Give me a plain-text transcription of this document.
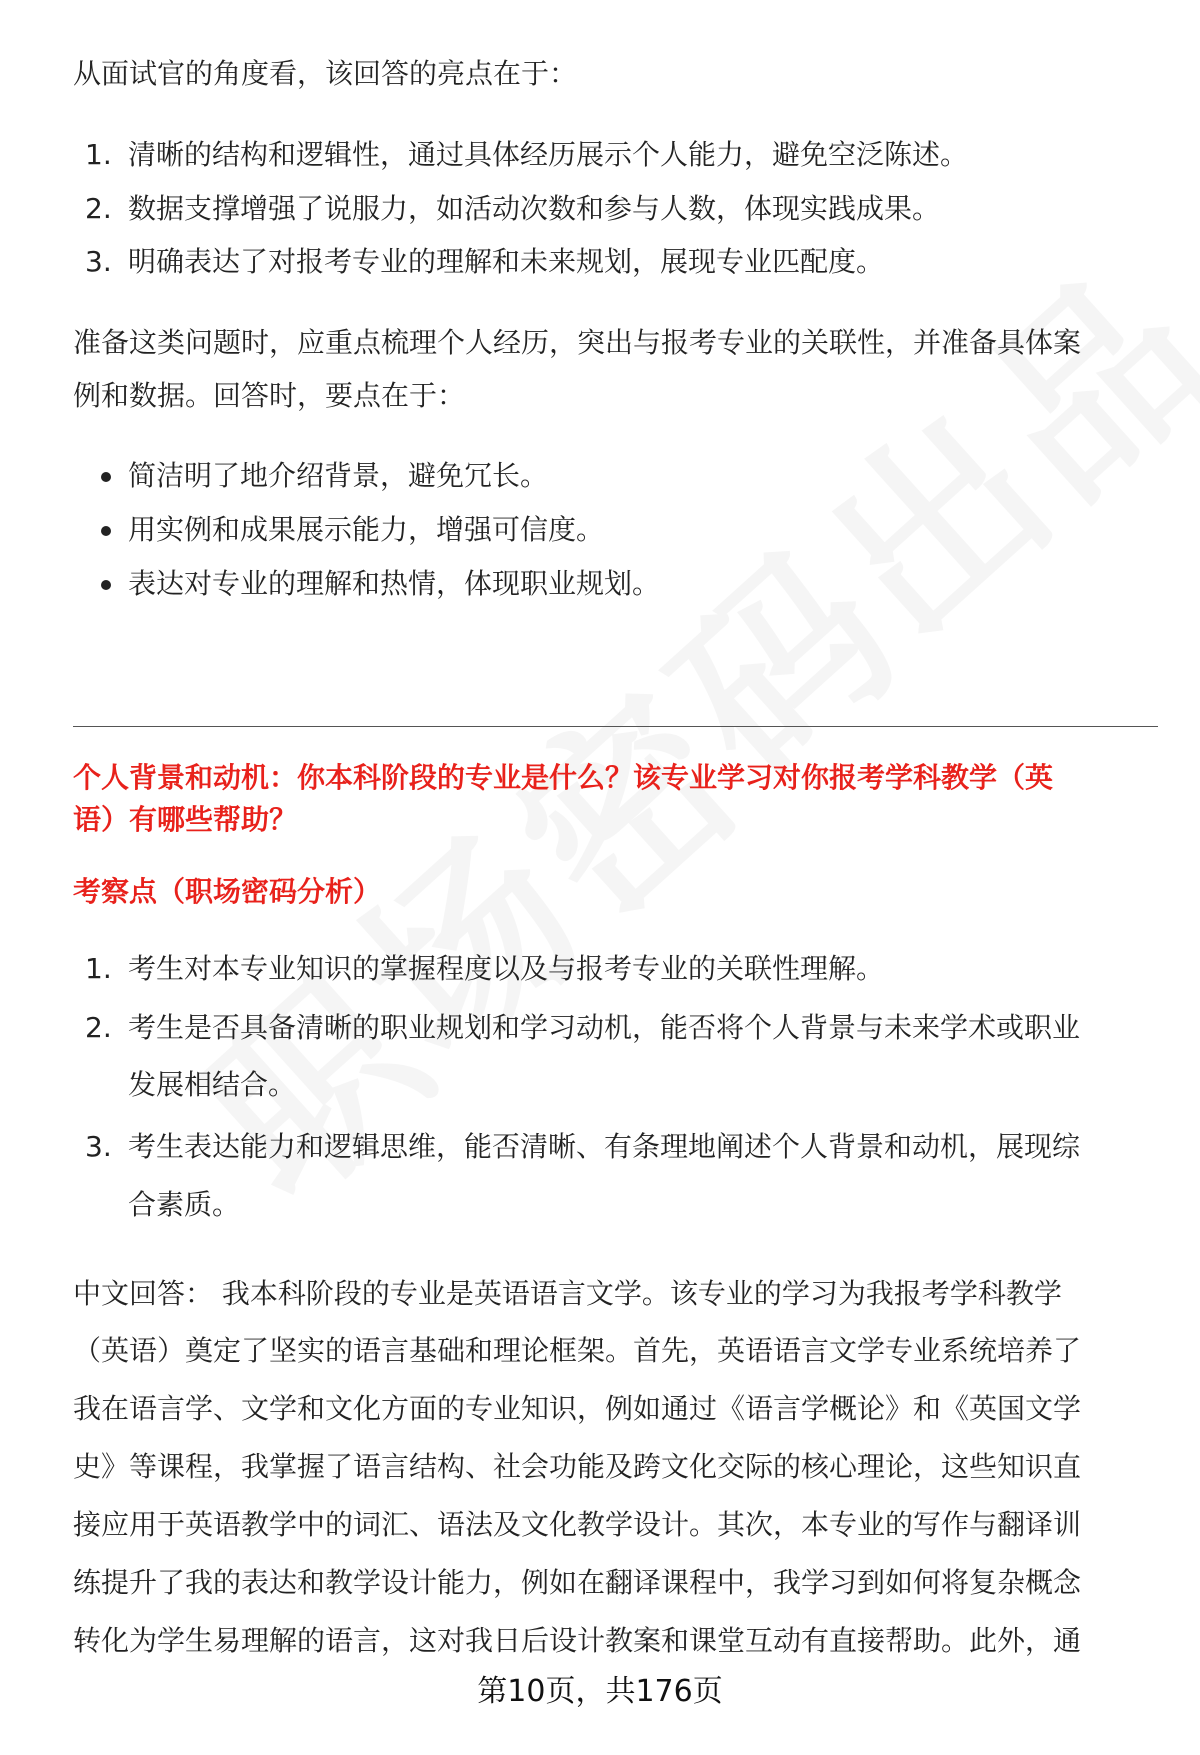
从面试官的角度看，该回答的亮点在于：
1. 清晰的结构和逻辑性，通过具体经历展示个人能力，避免空泛陈述。
2. 数据支撑增强了说服力，如活动次数和参与人数，体现实践成果。
3. 明确表达了对报考专业的理解和未来规划，展现专业匹配度。
准备这类问题时，应重点梳理个人经历，突出与报考专业的关联性，并准备具体案
例和数据。回答时，要点在于：
简洁明了地介绍背景，避免冗长。
用实例和成果展示能力，增强可信度。
表达对专业的理解和热情，体现职业规划。
个人背景和动机：你本科阶段的专业是什么？该专业学习对你报考学科教学（英
语）有哪些帮助？
考察点（职场密码分析）
1. 考生对本专业知识的掌握程度以及与报考专业的关联性理解。
2. 考生是否具备清晰的职业规划和学习动机，能否将个人背景与未来学术或职业
发展相结合。
3. 考生表达能力和逻辑思维，能否清晰、有条理地阐述个人背景和动机，展现综
合素质。
中文回答： 我本科阶段的专业是英语语言文学。该专业的学习为我报考学科教学
（英语）奠定了坚实的语言基础和理论框架。首先，英语语言文学专业系统培养了
我在语言学、文学和文化方面的专业知识，例如通过《语言学概论》和《英国文学
史》等课程，我掌握了语言结构、社会功能及跨文化交际的核心理论，这些知识直
接应用于英语教学中的词汇、语法及文化教学设计。其次，本专业的写作与翻译训
练提升了我的表达和教学设计能力，例如在翻译课程中，我学习到如何将复杂概念
转化为学生易理解的语言，这对我日后设计教案和课堂互动有直接帮助。此外，通
第10页，共176页
